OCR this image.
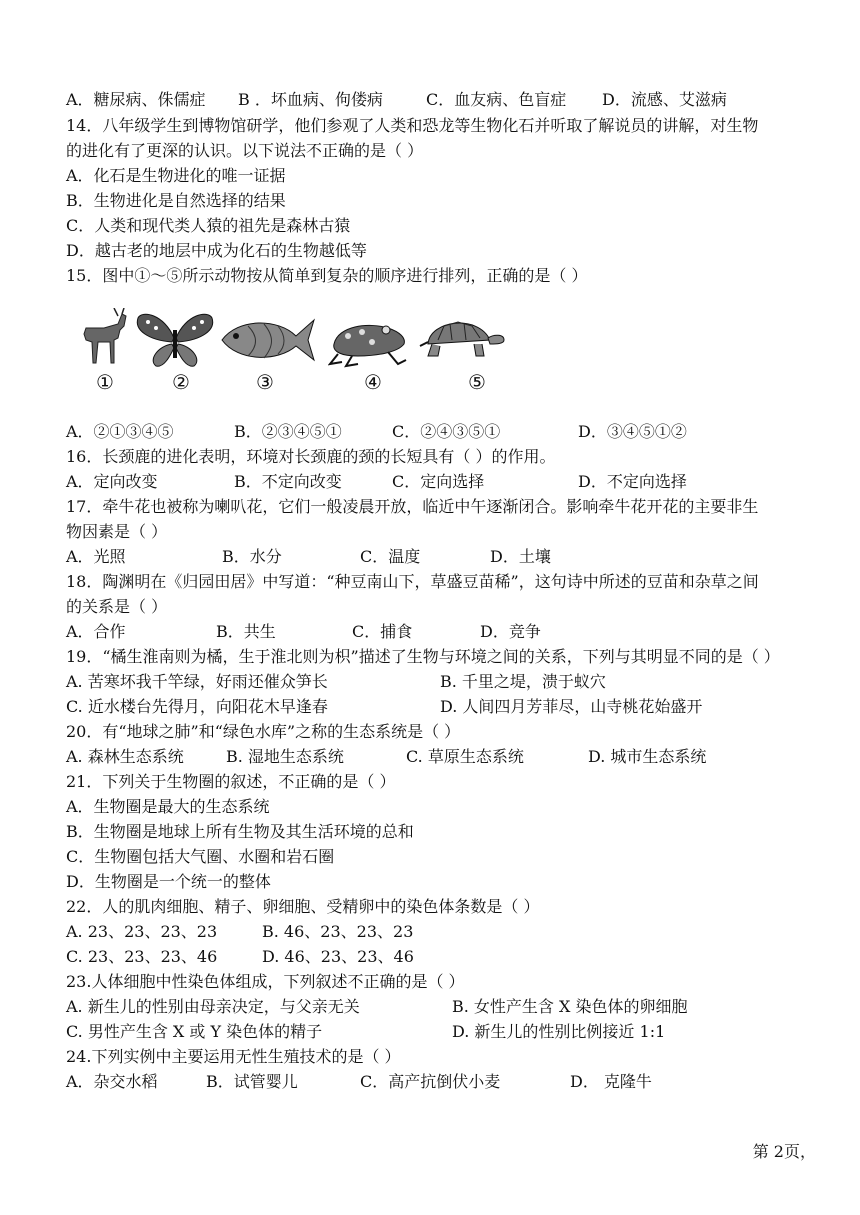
A．糖尿病、侏儒症 B ．坏血病、佝偻病	C．血友病、色盲症 D．流感、艾滋病
14．八年级学生到博物馆研学，他们参观了人类和恐龙等生物化石并听取了解说员的讲解，对生物
的进化有了更深的认识。以下说法不正确的是（ ）
A．化石是生物进化的唯一证据
B．生物进化是自然选择的结果
C．人类和现代类人猿的祖先是森林古猿
D．越古老的地层中成为化石的生物越低等
15．图中①～⑤所示动物按从简单到复杂的顺序进行排列，正确的是（ ）
①	②	③	④	⑤
A．②①③④⑤	B．②③④⑤①	C．②④③⑤①	D．③④⑤①②
16．长颈鹿的进化表明，环境对长颈鹿的颈的长短具有（ ）的作用。
A．定向改变	B．不定向改变	C．定向选择	D．不定向选择
17．牵牛花也被称为喇叭花，它们一般凌晨开放，临近中午逐渐闭合。影响牵牛花开花的主要非生
物因素是（ ）
A．光照	B．水分	C．温度	D．土壤
18．陶渊明在《归园田居》中写道：“种豆南山下，草盛豆苗稀”，这句诗中所述的豆苗和杂草之间
的关系是（ ）
A．合作	B．共生	C．捕食	D．竞争
19．“橘生淮南则为橘，生于淮北则为枳”描述了生物与环境之间的关系，下列与其明显不同的是（ ）
A. 苦寒坏我千竿绿，好雨还催众笋长	B. 千里之堤，溃于蚁穴
C. 近水楼台先得月，向阳花木早逢春	D. 人间四月芳菲尽，山寺桃花始盛开
20．有“地球之肺”和“绿色水库”之称的生态系统是（ ）
A. 森林生态系统	B. 湿地生态系统	C. 草原生态系统	D. 城市生态系统
21．下列关于生物圈的叙述，不正确的是（ ）
A．生物圈是最大的生态系统
B．生物圈是地球上所有生物及其生活环境的总和
C．生物圈包括大气圈、水圈和岩石圈
D．生物圈是一个统一的整体
22．人的肌肉细胞、精子、卵细胞、受精卵中的染色体条数是（ ）
A. 23、23、23、23	B. 46、23、23、23
C. 23、23、23、46	D. 46、23、23、46
23.人体细胞中性染色体组成，下列叙述不正确的是（ ）
A. 新生儿的性别由母亲决定，与父亲无关	B. 女性产生含 X 染色体的卵细胞
C. 男性产生含 X 或 Y 染色体的精子	D. 新生儿的性别比例接近 1:1
24.下列实例中主要运用无性生殖技术的是（ ）
A．杂交水稻	B．试管婴儿	C．高产抗倒伏小麦	D． 克隆牛
第 2页，
